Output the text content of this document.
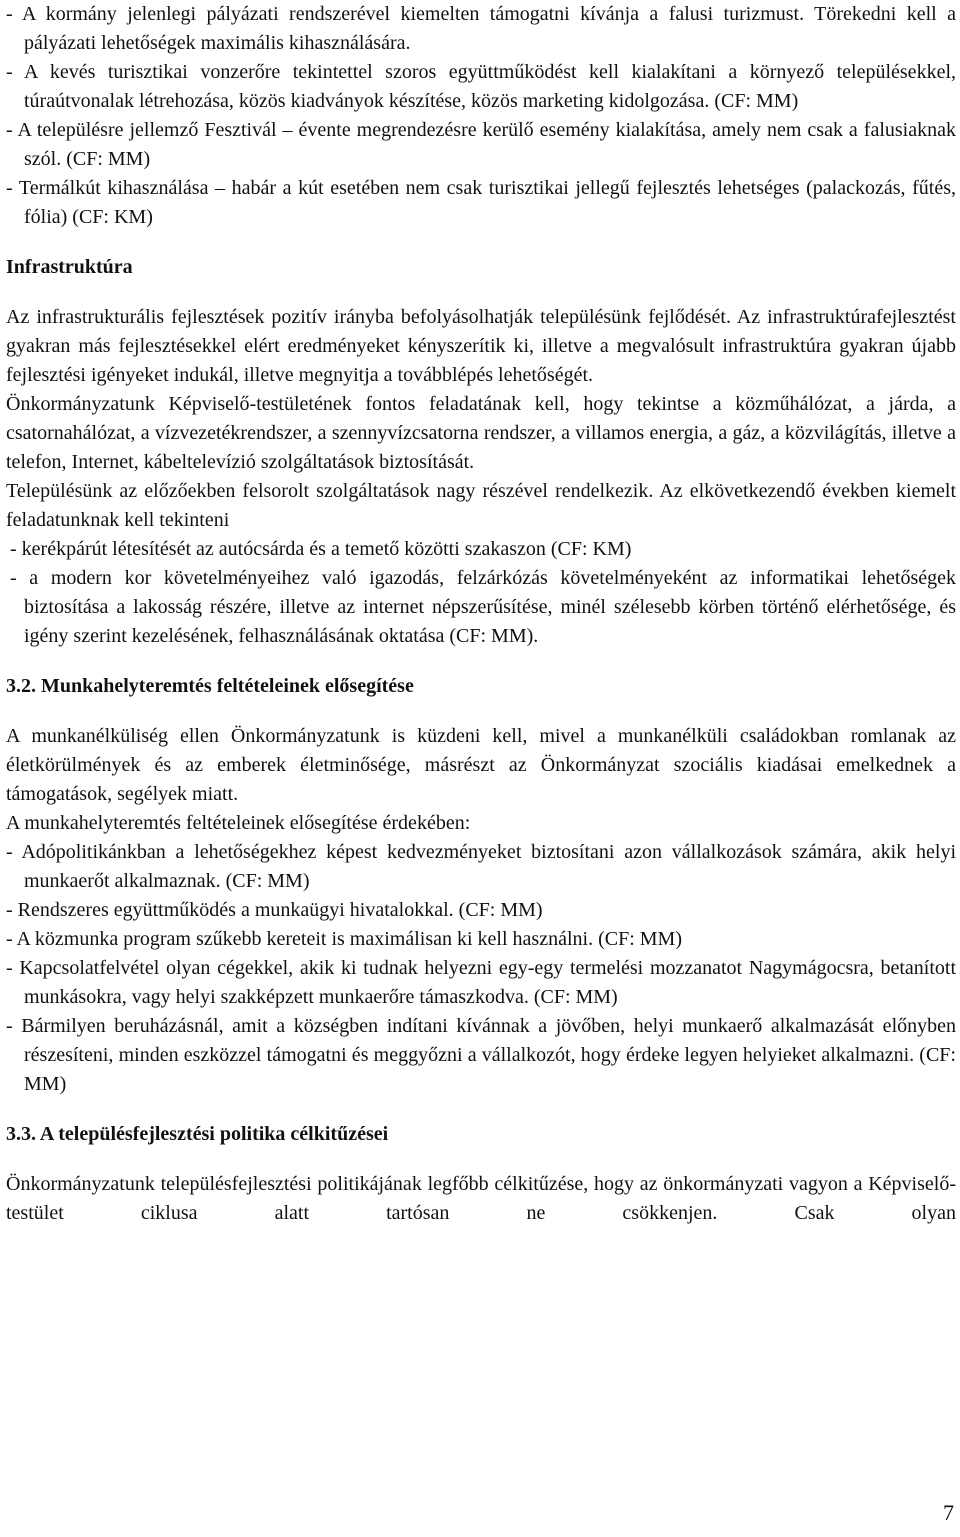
- A kormány jelenlegi pályázati rendszerével kiemelten támogatni kívánja a falusi turizmust. Törekedni kell a pályázati lehetőségek maximális kihasználására.

- A kevés turisztikai vonzerőre tekintettel szoros együttműködést kell kialakítani a környező településekkel, túraútvonalak létrehozása, közös kiadványok készítése, közös marketing kidolgozása. (CF: MM)

- A településre jellemző Fesztivál – évente megrendezésre kerülő esemény kialakítása, amely nem csak a falusiaknak szól. (CF: MM)

- Termálkút kihasználása – habár a kút esetében nem csak turisztikai jellegű fejlesztés lehetséges (palackozás, fűtés, fólia) (CF: KM)

Infrastruktúra

Az infrastrukturális fejlesztések pozitív irányba befolyásolhatják településünk fejlődését. Az infrastruktúrafejlesztést gyakran más fejlesztésekkel elért eredményeket kényszerítik ki, illetve a megvalósult infrastruktúra gyakran újabb fejlesztési igényeket indukál, illetve megnyitja a továbblépés lehetőségét.

Önkormányzatunk Képviselő-testületének fontos feladatának kell, hogy tekintse a közműhálózat, a járda, a csatornahálózat, a vízvezetékrendszer, a szennyvízcsatorna rendszer, a villamos energia, a gáz, a közvilágítás, illetve a telefon, Internet, kábeltelevízió szolgáltatások biztosítását.

Településünk az előzőekben felsorolt szolgáltatások nagy részével rendelkezik. Az elkövetkezendő években kiemelt feladatunknak kell tekinteni

- kerékpárút létesítését az autócsárda és a temető közötti szakaszon (CF: KM)

- a modern kor követelményeihez való igazodás, felzárkózás követelményeként az informatikai lehetőségek biztosítása a lakosság részére, illetve az internet népszerűsítése, minél szélesebb körben történő elérhetősége, és igény szerint kezelésének, felhasználásának oktatása (CF: MM).

3.2. Munkahelyteremtés feltételeinek elősegítése

A munkanélküliség ellen Önkormányzatunk is küzdeni kell, mivel a munkanélküli családokban romlanak az életkörülmények és az emberek életminősége, másrészt az Önkormányzat szociális kiadásai emelkednek a támogatások, segélyek miatt.

A munkahelyteremtés feltételeinek elősegítése érdekében:

- Adópolitikánkban a lehetőségekhez képest kedvezményeket biztosítani azon vállalkozások számára, akik helyi munkaerőt alkalmaznak. (CF: MM)

- Rendszeres együttműködés a munkaügyi hivatalokkal. (CF: MM)

- A közmunka program szűkebb kereteit is maximálisan ki kell használni. (CF: MM)

- Kapcsolatfelvétel olyan cégekkel, akik ki tudnak helyezni egy-egy termelési mozzanatot Nagymágocsra, betanított munkásokra, vagy helyi szakképzett munkaerőre támaszkodva. (CF: MM)

- Bármilyen beruházásnál, amit a községben indítani kívánnak a jövőben, helyi munkaerő alkalmazását előnyben részesíteni, minden eszközzel támogatni és meggyőzni a vállalkozót, hogy érdeke legyen helyieket alkalmazni. (CF: MM)

3.3. A településfejlesztési politika célkitűzései

Önkormányzatunk településfejlesztési politikájának legfőbb célkitűzése, hogy az önkormányzati vagyon a Képviselő-testület ciklusa alatt tartósan ne csökkenjen. Csak olyan

7
